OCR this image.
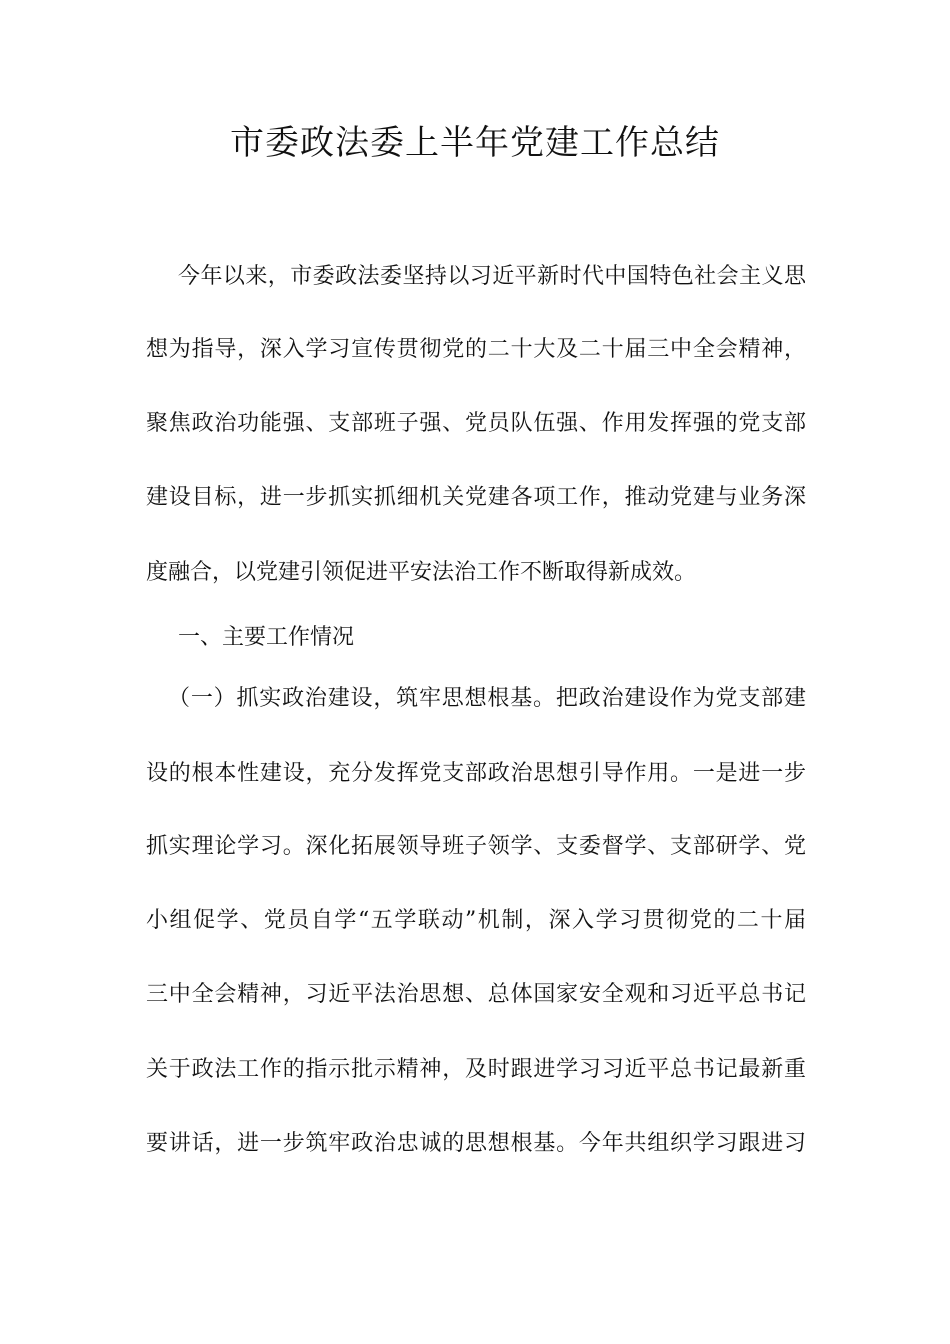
市委政法委上半年党建工作总结

今年以来，市委政法委坚持以习近平新时代中国特色社会主义思

想为指导，深入学习宣传贯彻党的二十大及二十届三中全会精神，

聚焦政治功能强、支部班子强、党员队伍强、作用发挥强的党支部

建设目标，进一步抓实抓细机关党建各项工作，推动党建与业务深

度融合，以党建引领促进平安法治工作不断取得新成效。

一、主要工作情况

（一）抓实政治建设，筑牢思想根基。把政治建设作为党支部建

设的根本性建设，充分发挥党支部政治思想引导作用。一是进一步

抓实理论学习。深化拓展领导班子领学、支委督学、支部研学、党

小组促学、党员自学“五学联动”机制，深入学习贯彻党的二十届

三中全会精神，习近平法治思想、总体国家安全观和习近平总书记

关于政法工作的指示批示精神，及时跟进学习习近平总书记最新重

要讲话，进一步筑牢政治忠诚的思想根基。今年共组织学习跟进习
